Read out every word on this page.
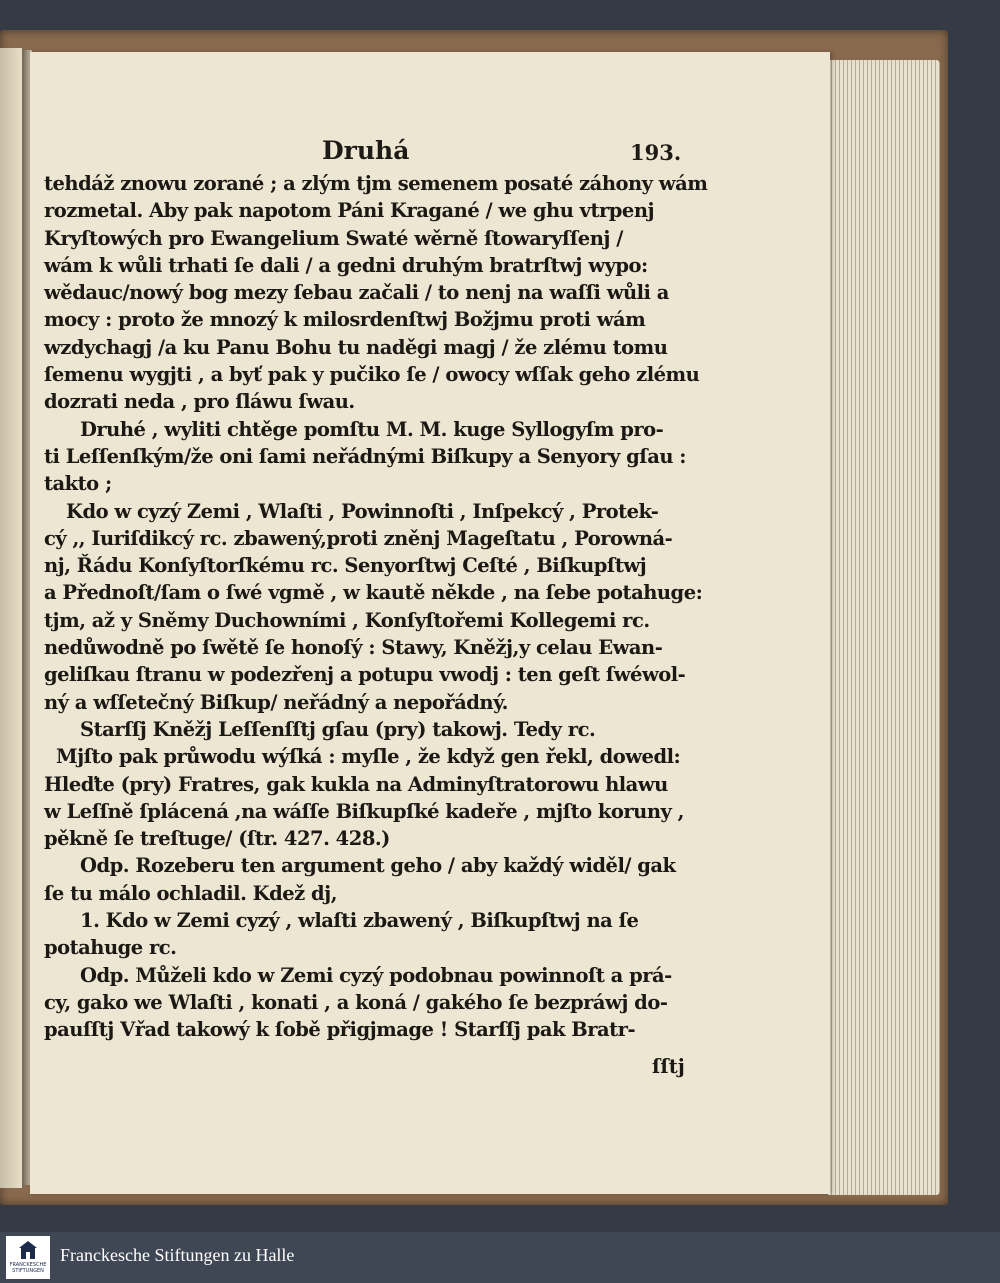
Druhá	193.
tehdáž znowu zorané ; a zlým tjm semenem posaté záhony wám
rozmetal. Aby pak napotom Páni Kragané / we ghu vtrpenj
Kryſtowých pro Ewangelium Swaté wěrně ſtowaryſſenj /
wám k wůli trhati ſe dali / a gedni druhým bratrſtwj wypo:
wědauc/nowý bog mezy ſebau začali / to nenj na waſſi wůli a
mocy : proto že mnozý k milosrdenſtwj Božjmu proti wám
wzdychagj /a ku Panu Bohu tu naděgi magj / že zlému tomu
ſemenu wygjti , a byť pak y pučiko ſe / owocy wſſak geho zlému
dozrati neda , pro ſláwu ſwau.
Druhé , wyliti chtěge pomſtu M. M. kuge Syllogyſm pro-
ti Leſſenſkým/že oni ſami neřádnými Biſkupy a Senyory gſau :
takto ;
Kdo w cyzý Zemi , Wlaſti , Powinnoſti , Inſpekcý , Protek-
cý ,, Iuriſdikcý rc. zbawený,proti zněnj Mageſtatu , Porowná-
nj, Řádu Konſyſtorſkému rc. Senyorſtwj Ceſté , Biſkupſtwj
a Přednoſt/ſam o ſwé vgmě , w kautě někde , na ſebe potahuge:
tjm, až y Sněmy Duchowními , Konſyſtořemi Kollegemi rc.
nedůwodně po ſwětě ſe honoſý : Stawy, Kněžj,y celau Ewan-
geliſkau ſtranu w podezřenj a potupu vwodj : ten geſt ſwéwol-
ný a wſſetečný Biſkup/ neřádný a nepořádný.
Starſſj Kněžj Leſſenſſtj gſau (pry) takowj. Tedy rc.
Mjſto pak průwodu wýſká : myſle , že když gen řekl, dowedl:
Hleďte (pry) Fratres, gak kukla na Adminyſtratorowu hlawu
w Leſſně ſplácená ,na wáſſe Biſkupſké kadeře , mjſto koruny ,
pěkně ſe treſtuge/ (ſtr. 427. 428.)
Odp. Rozeberu ten argument geho / aby každý widěl/ gak
ſe tu málo ochladil. Kdež dj,
1. Kdo w Zemi cyzý , wlaſti zbawený , Biſkupſtwj na ſe
potahuge rc.
Odp. Můželi kdo w Zemi cyzý podobnau powinnoſt a prá-
cy, gako we Wlaſti , konati , a koná / gakého ſe bezpráwj do-
pauſſtj Vřad takowý k ſobě přigjmage ! Starſſj pak Bratr-
ſſtj
FRANCKESCHE
STIFTUNGEN
Franckesche Stiftungen zu Halle
